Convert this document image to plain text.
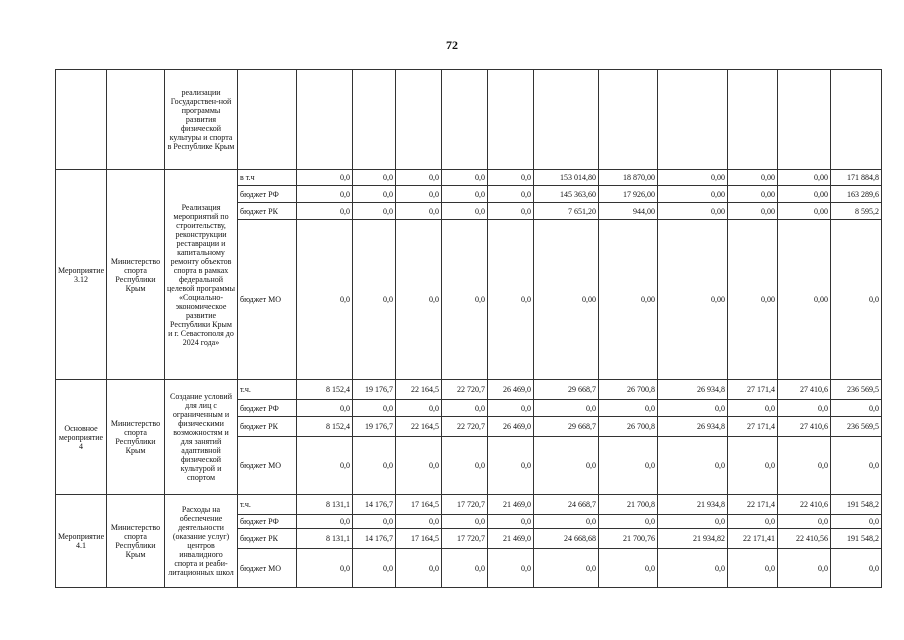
72
		реализации Государствен-ной программы развития физической культуры и спорта в Республике Крым												
Мероприятие 3.12	Министерство спорта Республики Крым	Реализация мероприятий по строительству, реконструкции реставрации и капитальному ремонту объектов спорта в рамках федеральной целевой программы «Социально-экономическое развитие Республики Крым и г. Севастополя до 2024 года»	в т.ч	0,0	0,0	0,0	0,0	0,0	153 014,80	18 870,00	0,00	0,00	0,00	171 884,8
			бюджет РФ	0,0	0,0	0,0	0,0	0,0	145 363,60	17 926,00	0,00	0,00	0,00	163 289,6
			бюджет РК	0,0	0,0	0,0	0,0	0,0	7 651,20	944,00	0,00	0,00	0,00	8 595,2
			бюджет МО	0,0	0,0	0,0	0,0	0,0	0,00	0,00	0,00	0,00	0,00	0,0
Основное мероприятие 4	Министерство спорта Республики Крым	Создание условий для лиц с ограниченным и физическими возможностям и для занятий адаптивной физической культурой и спортом	т.ч.	8 152,4	19 176,7	22 164,5	22 720,7	26 469,0	29 668,7	26 700,8	26 934,8	27 171,4	27 410,6	236 569,5
			бюджет РФ	0,0	0,0	0,0	0,0	0,0	0,0	0,0	0,0	0,0	0,0	0,0
			бюджет РК	8 152,4	19 176,7	22 164,5	22 720,7	26 469,0	29 668,7	26 700,8	26 934,8	27 171,4	27 410,6	236 569,5
			бюджет МО	0,0	0,0	0,0	0,0	0,0	0,0	0,0	0,0	0,0	0,0	0,0
Мероприятие 4.1	Министерство спорта Республики Крым	Расходы на обеспечение деятельности (оказание услуг) центров инвалидного спорта и реаби-литационных школ	т.ч.	8 131,1	14 176,7	17 164,5	17 720,7	21 469,0	24 668,7	21 700,8	21 934,8	22 171,4	22 410,6	191 548,2
			бюджет РФ	0,0	0,0	0,0	0,0	0,0	0,0	0,0	0,0	0,0	0,0	0,0
			бюджет РК	8 131,1	14 176,7	17 164,5	17 720,7	21 469,0	24 668,68	21 700,76	21 934,82	22 171,41	22 410,56	191 548,2
			бюджет МО	0,0	0,0	0,0	0,0	0,0	0,0	0,0	0,0	0,0	0,0	0,0
